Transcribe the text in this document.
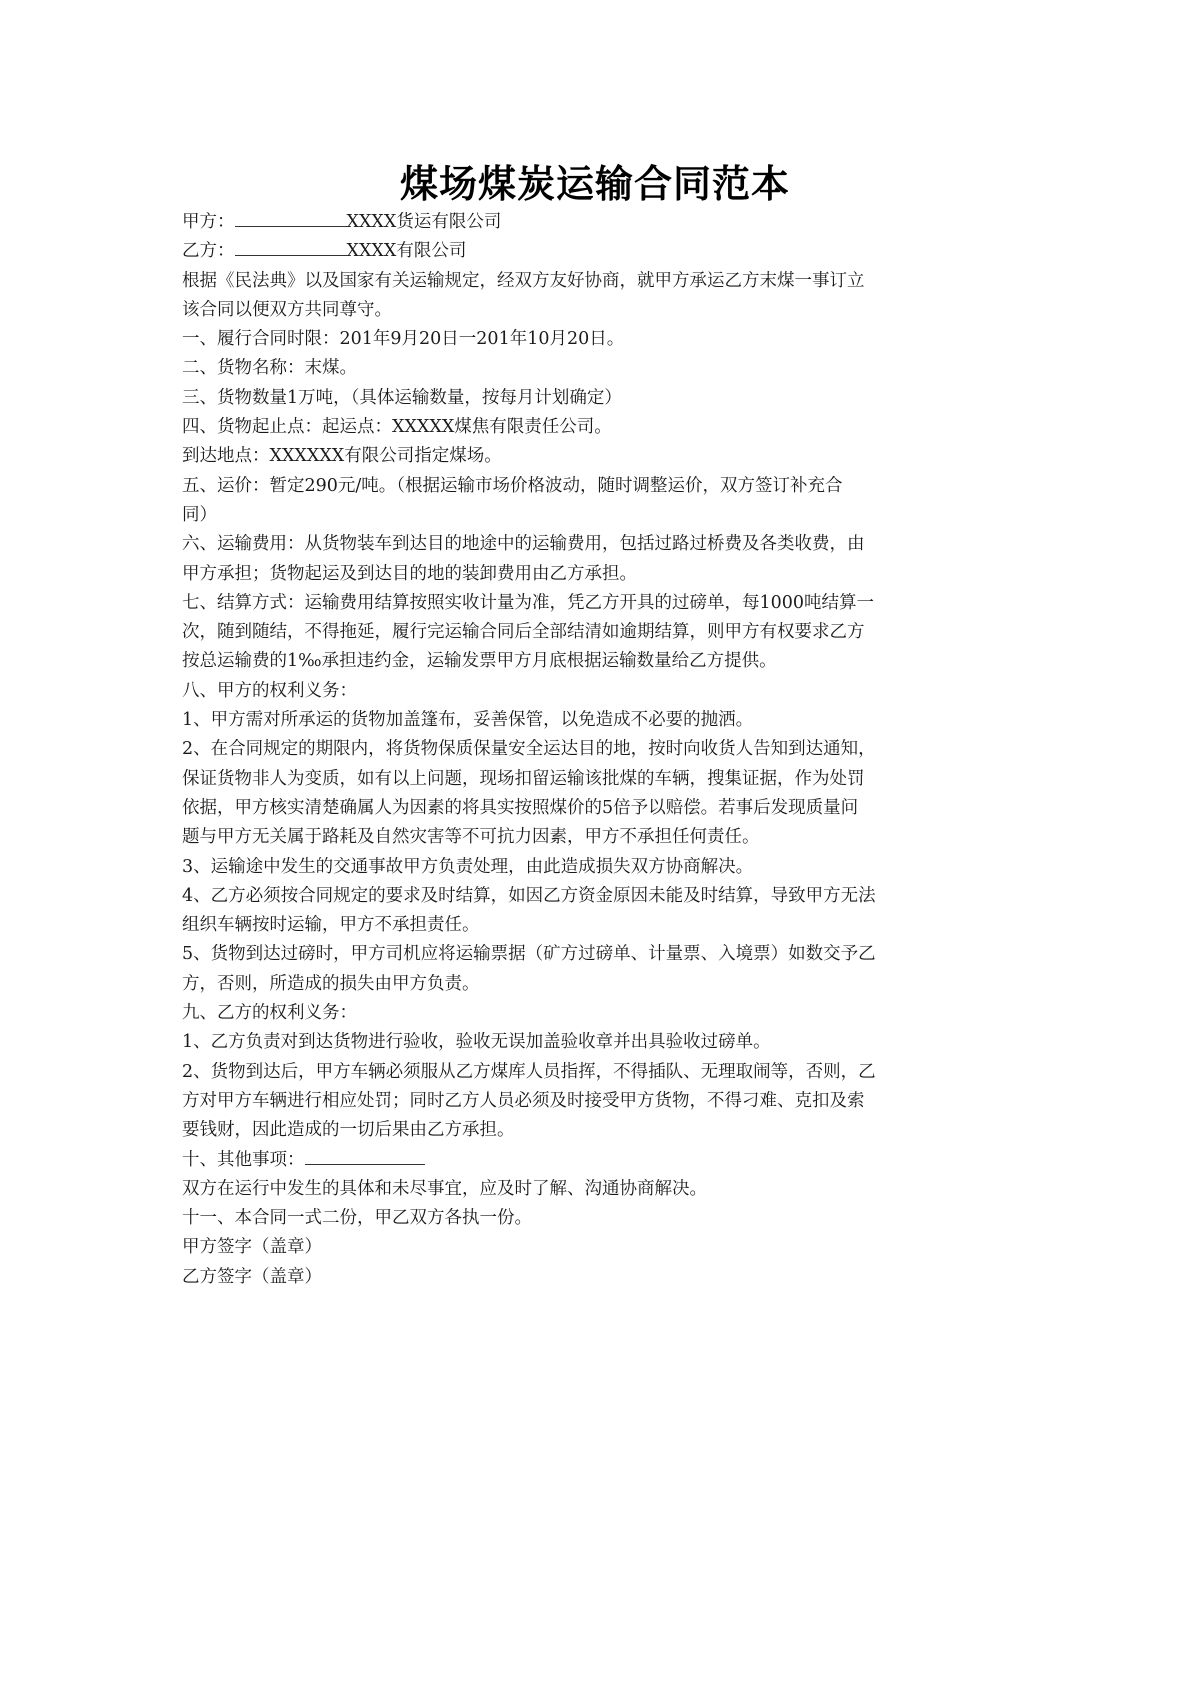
煤场煤炭运输合同范本
甲方：	XXXX货运有限公司
乙方：	XXXX有限公司
根据《民法典》以及国家有关运输规定，经双方友好协商，就甲方承运乙方末煤一事订立
该合同以便双方共同尊守。
一、履行合同时限：201年9月20日一201年10月20日。
二、货物名称：末煤。
三、货物数量1万吨，（具体运输数量，按每月计划确定）
四、货物起止点：起运点：XXXXX煤焦有限责任公司。
到达地点：XXXXXX有限公司指定煤场。
五、运价：暂定290元/吨。（根据运输市场价格波动，随时调整运价，双方签订补充合
同）
六、运输费用：从货物装车到达目的地途中的运输费用，包括过路过桥费及各类收费，由
甲方承担；货物起运及到达目的地的装卸费用由乙方承担。
七、结算方式：运输费用结算按照实收计量为准，凭乙方开具的过磅单，每1000吨结算一
次，随到随结，不得拖延，履行完运输合同后全部结清如逾期结算，则甲方有权要求乙方
按总运输费的1‰承担违约金，运输发票甲方月底根据运输数量给乙方提供。
八、甲方的权利义务：
1、甲方需对所承运的货物加盖篷布，妥善保管，以免造成不必要的抛洒。
2、在合同规定的期限内，将货物保质保量安全运达目的地，按时向收货人告知到达通知，
保证货物非人为变质，如有以上问题，现场扣留运输该批煤的车辆，搜集证据，作为处罚
依据，甲方核实清楚确属人为因素的将具实按照煤价的5倍予以赔偿。若事后发现质量问
题与甲方无关属于路耗及自然灾害等不可抗力因素，甲方不承担任何责任。
3、运输途中发生的交通事故甲方负责处理，由此造成损失双方协商解决。
4、乙方必须按合同规定的要求及时结算，如因乙方资金原因未能及时结算，导致甲方无法
组织车辆按时运输，甲方不承担责任。
5、货物到达过磅时，甲方司机应将运输票据（矿方过磅单、计量票、入境票）如数交予乙
方，否则，所造成的损失由甲方负责。
九、乙方的权利义务：
1、乙方负责对到达货物进行验收，验收无误加盖验收章并出具验收过磅单。
2、货物到达后，甲方车辆必须服从乙方煤库人员指挥，不得插队、无理取闹等，否则，乙
方对甲方车辆进行相应处罚；同时乙方人员必须及时接受甲方货物，不得刁难、克扣及索
要钱财，因此造成的一切后果由乙方承担。
十、其他事项：
双方在运行中发生的具体和未尽事宜，应及时了解、沟通协商解决。
十一、本合同一式二份，甲乙双方各执一份。
甲方签字（盖章）
乙方签字（盖章）
